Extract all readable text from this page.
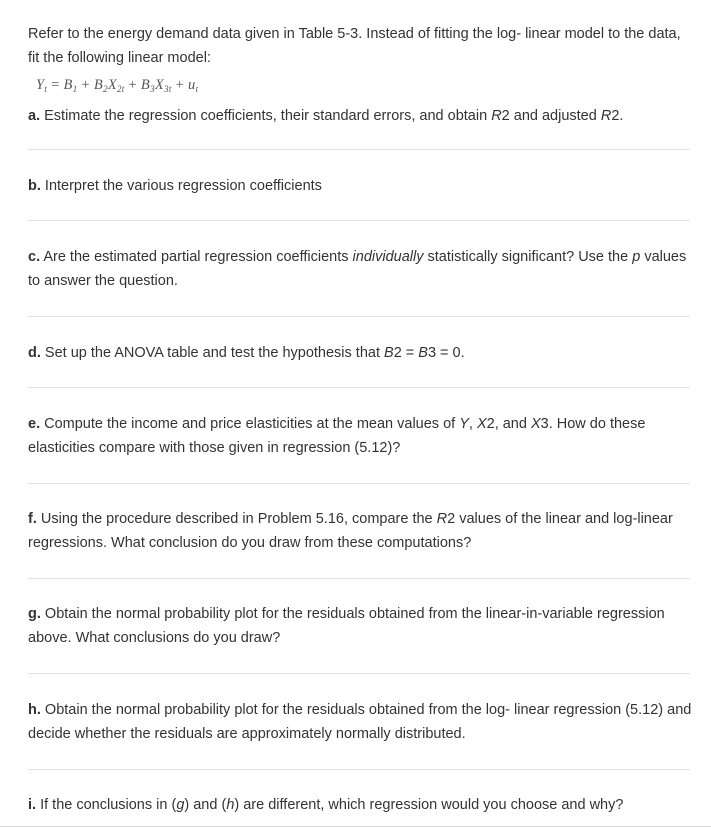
Refer to the energy demand data given in Table 5-3. Instead of fitting the log- linear model to the data, fit the following linear model:

$Y_t = B_1 + B_2X_{2t} + B_3X_{3t} + u_t$

a. Estimate the regression coefficients, their standard errors, and obtain R2 and adjusted R2.

b. Interpret the various regression coefficients

c. Are the estimated partial regression coefficients individually statistically significant? Use the p values to answer the question.

d. Set up the ANOVA table and test the hypothesis that B2 = B3 = 0.

e. Compute the income and price elasticities at the mean values of Y, X2, and X3. How do these elasticities compare with those given in regression (5.12)?

f. Using the procedure described in Problem 5.16, compare the R2 values of the linear and log-linear regressions. What conclusion do you draw from these computations?

g. Obtain the normal probability plot for the residuals obtained from the linear-in-variable regression above. What conclusions do you draw?

h. Obtain the normal probability plot for the residuals obtained from the log- linear regression (5.12) and decide whether the residuals are approximately normally distributed.

i. If the conclusions in (g) and (h) are different, which regression would you choose and why?
